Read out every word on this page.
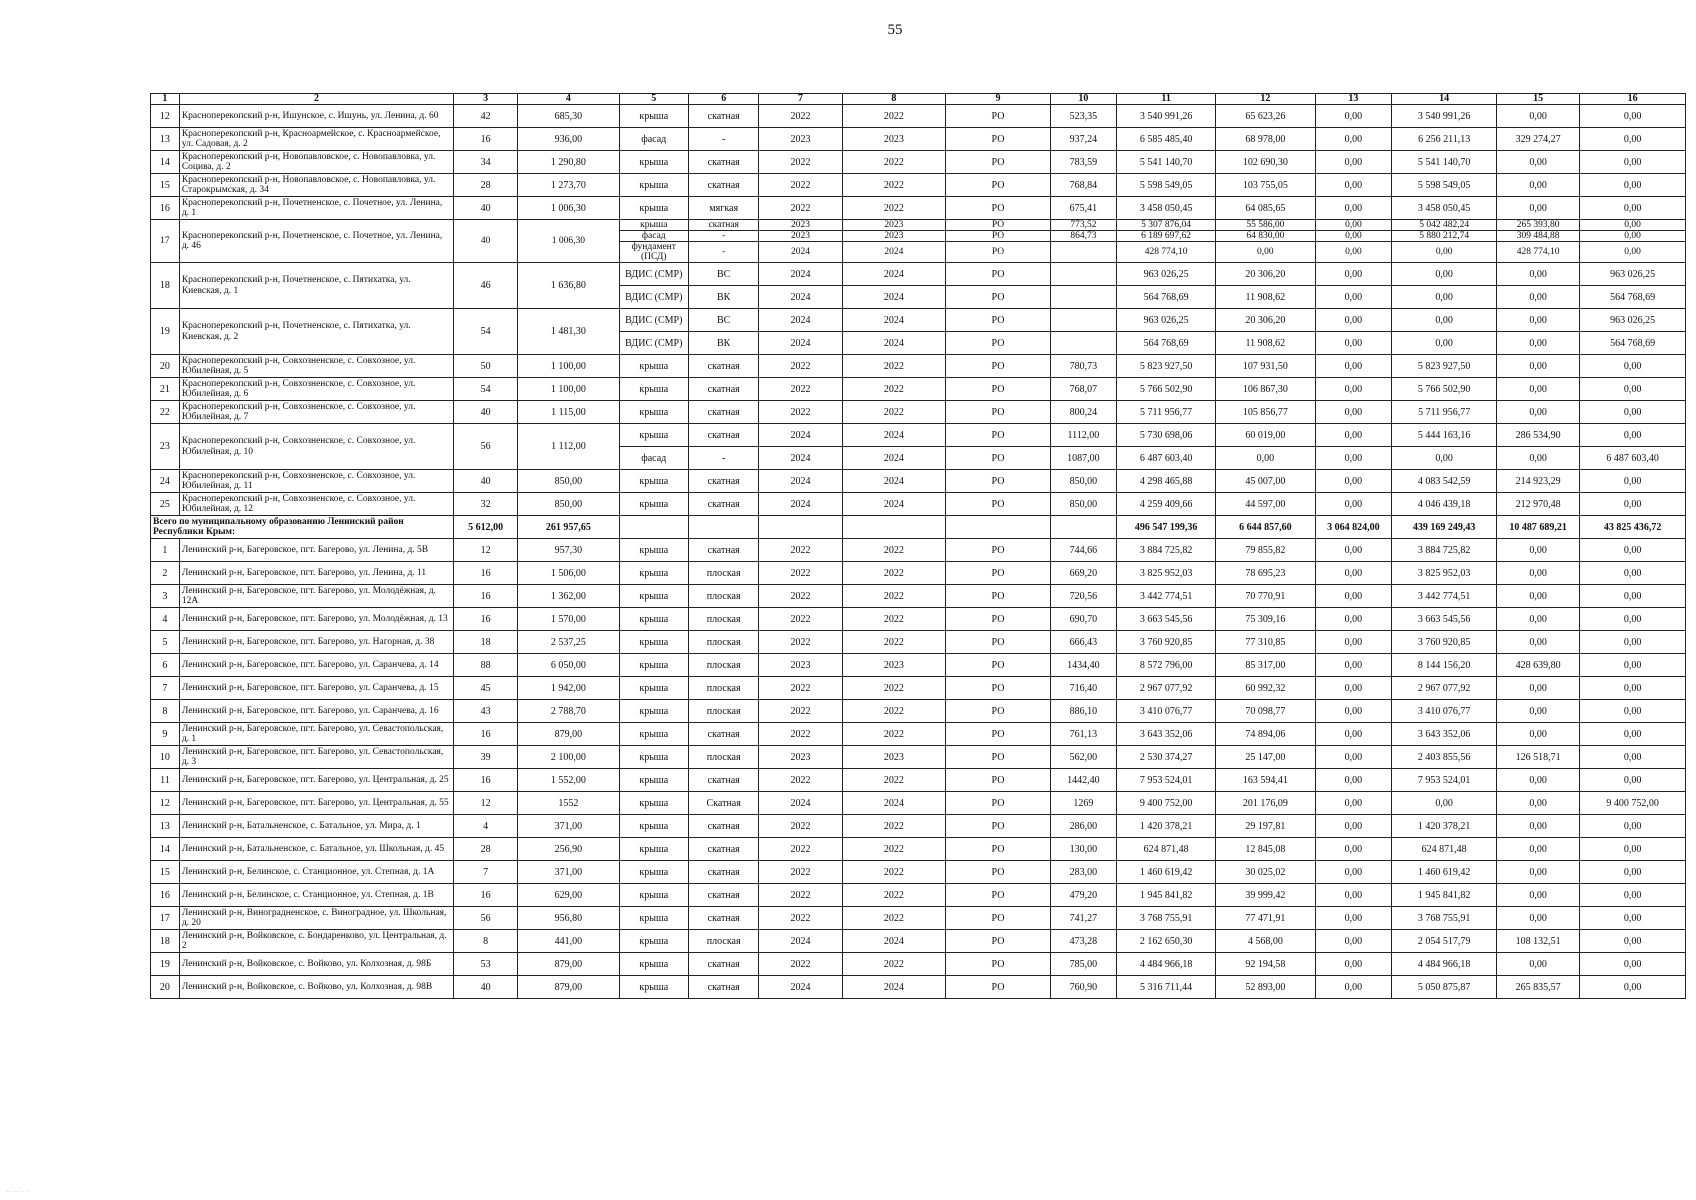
55
1	2	3	4	5	6	7	8	9	10	11	12	13	14	15	16
12	Красноперекопский р-н, Ишунское, с. Ишунь, ул. Ленина, д. 60	42	685,30	крыша	скатная	2022	2022	РО	523,35	3 540 991,26	65 623,26	0,00	3 540 991,26	0,00	0,00
13	Красноперекопский р-н, Красноармейское, с. Красноармейское, ул. Садовая, д. 2	16	936,00	фасад	-	2023	2023	РО	937,24	6 585 485,40	68 978,00	0,00	6 256 211,13	329 274,27	0,00
14	Красноперекопский р-н, Новопавловское, с. Новопавловка, ул. Социва, д. 2	34	1 290,80	крыша	скатная	2022	2022	РО	783,59	5 541 140,70	102 690,30	0,00	5 541 140,70	0,00	0,00
15	Красноперекопский р-н, Новопавловское, с. Новопавловка, ул. Старокрымская, д. 34	28	1 273,70	крыша	скатная	2022	2022	РО	768,84	5 598 549,05	103 755,05	0,00	5 598 549,05	0,00	0,00
16	Красноперекопский р-н, Почетненское, с. Почетное, ул. Ленина, д. 1	40	1 006,30	крыша	мягкая	2022	2022	РО	675,41	3 458 050,45	64 085,65	0,00	3 458 050,45	0,00	0,00
17	Красноперекопский р-н, Почетненское, с. Почетное, ул. Ленина, д. 46	40	1 006,30	крыша	скатная	2023	2023	РО	773,52	5 307 876,04	55 586,00	0,00	5 042 482,24	265 393,80	0,00
				фасад	-	2023	2023	РО	864,73	6 189 697,62	64 830,00	0,00	5 880 212,74	309 484,88	0,00
				фундамент (ПСД)	-	2024	2024	РО		428 774,10	0,00	0,00	0,00	428 774,10	0,00
18	Красноперекопский р-н, Почетненское, с. Пятихатка, ул. Киевская, д. 1	46	1 636,80	ВДИС (СМР)	ВС	2024	2024	РО		963 026,25	20 306,20	0,00	0,00	0,00	963 026,25
				ВДИС (СМР)	ВК	2024	2024	РО		564 768,69	11 908,62	0,00	0,00	0,00	564 768,69
19	Красноперекопский р-н, Почетненское, с. Пятихатка, ул. Киевская, д. 2	54	1 481,30	ВДИС (СМР)	ВС	2024	2024	РО		963 026,25	20 306,20	0,00	0,00	0,00	963 026,25
				ВДИС (СМР)	ВК	2024	2024	РО		564 768,69	11 908,62	0,00	0,00	0,00	564 768,69
20	Красноперекопский р-н, Совхозненское, с. Совхозное, ул. Юбилейная, д. 5	50	1 100,00	крыша	скатная	2022	2022	РО	780,73	5 823 927,50	107 931,50	0,00	5 823 927,50	0,00	0,00
21	Красноперекопский р-н, Совхозненское, с. Совхозное, ул. Юбилейная, д. 6	54	1 100,00	крыша	скатная	2022	2022	РО	768,07	5 766 502,90	106 867,30	0,00	5 766 502,90	0,00	0,00
22	Красноперекопский р-н, Совхозненское, с. Совхозное, ул. Юбилейная, д. 7	40	1 115,00	крыша	скатная	2022	2022	РО	800,24	5 711 956,77	105 856,77	0,00	5 711 956,77	0,00	0,00
23	Красноперекопский р-н, Совхозненское, с. Совхозное, ул. Юбилейная, д. 10	56	1 112,00	крыша	скатная	2024	2024	РО	1112,00	5 730 698,06	60 019,00	0,00	5 444 163,16	286 534,90	0,00
				фасад	-	2024	2024	РО	1087,00	6 487 603,40	0,00	0,00	0,00	0,00	6 487 603,40
24	Красноперекопский р-н, Совхозненское, с. Совхозное, ул. Юбилейная, д. 11	40	850,00	крыша	скатная	2024	2024	РО	850,00	4 298 465,88	45 007,00	0,00	4 083 542,59	214 923,29	0,00
25	Красноперекопский р-н, Совхозненское, с. Совхозное, ул. Юбилейная, д. 12	32	850,00	крыша	скатная	2024	2024	РО	850,00	4 259 409,66	44 597,00	0,00	4 046 439,18	212 970,48	0,00
Всего по муниципальному образованию Ленинский район Республики Крым:		5 612,00	261 957,65							496 547 199,36	6 644 857,60	3 064 824,00	439 169 249,43	10 487 689,21	43 825 436,72
1	Ленинский р-н, Багеровское, пгт. Багерово, ул. Ленина, д. 5В	12	957,30	крыша	скатная	2022	2022	РО	744,66	3 884 725,82	79 855,82	0,00	3 884 725,82	0,00	0,00
2	Ленинский р-н, Багеровское, пгт. Багерово, ул. Ленина, д. 11	16	1 506,00	крыша	плоская	2022	2022	РО	669,20	3 825 952,03	78 695,23	0,00	3 825 952,03	0,00	0,00
3	Ленинский р-н, Багеровское, пгт. Багерово, ул. Молодёжная, д. 12А	16	1 362,00	крыша	плоская	2022	2022	РО	720,56	3 442 774,51	70 770,91	0,00	3 442 774,51	0,00	0,00
4	Ленинский р-н, Багеровское, пгт. Багерово, ул. Молодёжная, д. 13	16	1 570,00	крыша	плоская	2022	2022	РО	690,70	3 663 545,56	75 309,16	0,00	3 663 545,56	0,00	0,00
5	Ленинский р-н, Багеровское, пгт. Багерово, ул. Нагорная, д. 38	18	2 537,25	крыша	плоская	2022	2022	РО	666,43	3 760 920,85	77 310,85	0,00	3 760 920,85	0,00	0,00
6	Ленинский р-н, Багеровское, пгт. Багерово, ул. Саранчева, д. 14	88	6 050,00	крыша	плоская	2023	2023	РО	1434,40	8 572 796,00	85 317,00	0,00	8 144 156,20	428 639,80	0,00
7	Ленинский р-н, Багеровское, пгт. Багерово, ул. Саранчева, д. 15	45	1 942,00	крыша	плоская	2022	2022	РО	716,40	2 967 077,92	60 992,32	0,00	2 967 077,92	0,00	0,00
8	Ленинский р-н, Багеровское, пгт. Багерово, ул. Саранчева, д. 16	43	2 788,70	крыша	плоская	2022	2022	РО	886,10	3 410 076,77	70 098,77	0,00	3 410 076,77	0,00	0,00
9	Ленинский р-н, Багеровское, пгт. Багерово, ул. Севастопольская, д. 1	16	879,00	крыша	скатная	2022	2022	РО	761,13	3 643 352,06	74 894,06	0,00	3 643 352,06	0,00	0,00
10	Ленинский р-н, Багеровское, пгт. Багерово, ул. Севастопольская, д. 3	39	2 100,00	крыша	плоская	2023	2023	РО	562,00	2 530 374,27	25 147,00	0,00	2 403 855,56	126 518,71	0,00
11	Ленинский р-н, Багеровское, пгт. Багерово, ул. Центральная, д. 25	16	1 552,00	крыша	скатная	2022	2022	РО	1442,40	7 953 524,01	163 594,41	0,00	7 953 524,01	0,00	0,00
12	Ленинский р-н, Багеровское, пгт. Багерово, ул. Центральная, д. 55	12	1552	крыша	Скатная	2024	2024	РО	1269	9 400 752,00	201 176,09	0,00	0,00	0,00	9 400 752,00
13	Ленинский р-н, Батальненское, с. Батальное, ул. Мира, д. 1	4	371,00	крыша	скатная	2022	2022	РО	286,00	1 420 378,21	29 197,81	0,00	1 420 378,21	0,00	0,00
14	Ленинский р-н, Батальненское, с. Батальное, ул. Школьная, д. 45	28	256,90	крыша	скатная	2022	2022	РО	130,00	624 871,48	12 845,08	0,00	624 871,48	0,00	0,00
15	Ленинский р-н, Белинское, с. Станционное, ул. Степная, д. 1А	7	371,00	крыша	скатная	2022	2022	РО	283,00	1 460 619,42	30 025,02	0,00	1 460 619,42	0,00	0,00
16	Ленинский р-н, Белинское, с. Станционное, ул. Степная, д. 1В	16	629,00	крыша	скатная	2022	2022	РО	479,20	1 945 841,82	39 999,42	0,00	1 945 841,82	0,00	0,00
17	Ленинский р-н, Виноградненское, с. Виноградное, ул. Школьная, д. 20	56	956,80	крыша	скатная	2022	2022	РО	741,27	3 768 755,91	77 471,91	0,00	3 768 755,91	0,00	0,00
18	Ленинский р-н, Войковское, с. Бондаренково, ул. Центральная, д. 2	8	441,00	крыша	плоская	2024	2024	РО	473,28	2 162 650,30	4 568,00	0,00	2 054 517,79	108 132,51	0,00
19	Ленинский р-н, Войковское, с. Войково, ул. Колхозная, д. 98Б	53	879,00	крыша	скатная	2022	2022	РО	785,00	4 484 966,18	92 194,58	0,00	4 484 966,18	0,00	0,00
20	Ленинский р-н, Войковское, с. Войково, ул. Колхозная, д. 98В	40	879,00	крыша	скатная	2024	2024	РО	760,90	5 316 711,44	52 893,00	0,00	5 050 875,87	265 835,57	0,00
·· ··· · ·
